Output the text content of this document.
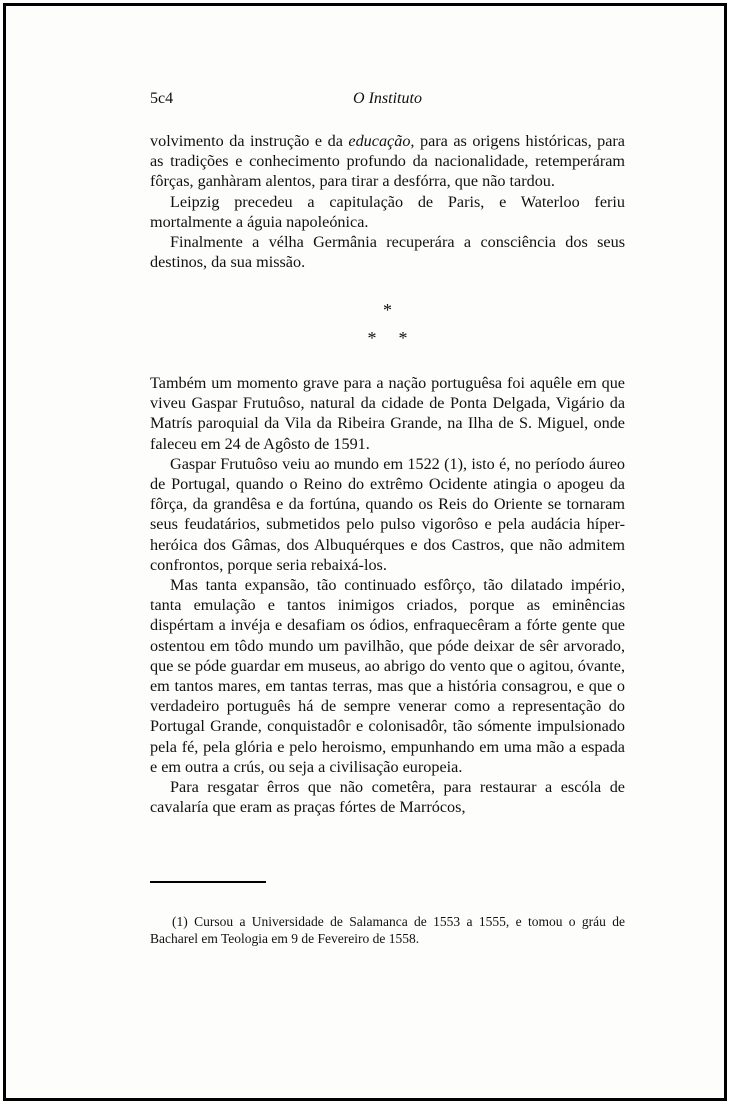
5c4	O Instituto

volvimento da instrução e da educação, para as origens históricas, para as tradições e conhecimento profundo da nacionalidade, retemperáram fôrças, ganhàram alentos, para tirar a desfórra, que não tardou.

Leipzig precedeu a capitulação de Paris, e Waterloo feriu mortalmente a águia napoleónica.

Finalmente a vélha Germânia recuperára a consciência dos seus destinos, da sua missão.

*
**

Também um momento grave para a nação portuguêsa foi aquêle em que viveu Gaspar Frutuôso, natural da cidade de Ponta Delgada, Vigário da Matrís paroquial da Vila da Ribeira Grande, na Ilha de S. Miguel, onde faleceu em 24 de Agôsto de 1591.

Gaspar Frutuôso veiu ao mundo em 1522 (1), isto é, no período áureo de Portugal, quando o Reino do extrêmo Ocidente atingia o apogeu da fôrça, da grandêsa e da fortúna, quando os Reis do Oriente se tornaram seus feudatários, submetidos pelo pulso vigorôso e pela audácia híper-heróica dos Gâmas, dos Albuquérques e dos Castros, que não admitem confrontos, porque seria rebaixá-los.

Mas tanta expansão, tão continuado esfôrço, tão dilatado império, tanta emulação e tantos inimigos criados, porque as eminências dispértam a invéja e desafiam os ódios, enfraquecêram a fórte gente que ostentou em tôdo mundo um pavilhão, que póde deixar de sêr arvorado, que se póde guardar em museus, ao abrigo do vento que o agitou, óvante, em tantos mares, em tantas terras, mas que a história consagrou, e que o verdadeiro português há de sempre venerar como a representação do Portugal Grande, conquistadôr e colonisadôr, tão sómente impulsionado pela fé, pela glória e pelo heroismo, empunhando em uma mão a espada e em outra a crús, ou seja a civilisação europeia.

Para resgatar êrros que não cometêra, para restaurar a escóla de cavalaría que eram as praças fórtes de Marrócos,

(1) Cursou a Universidade de Salamanca de 1553 a 1555, e tomou o gráu de Bacharel em Teologia em 9 de Fevereiro de 1558.
